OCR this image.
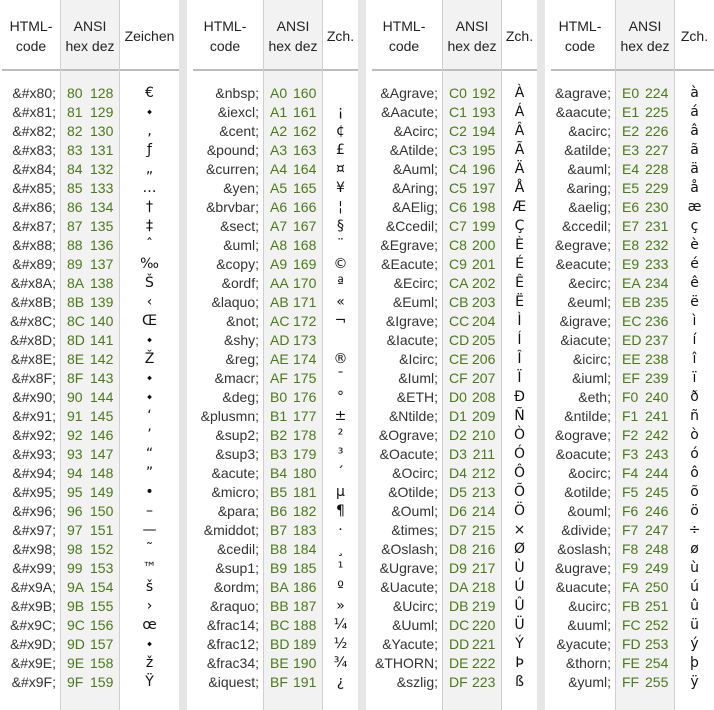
HTML-
code
&#x80;
&#x81;
&#x82;
&#x83;
&#x84;
&#x85;
&#x86;
&#x87;
&#x88;
&#x89;
&#x8A;
&#x8B;
&#x8C;
&#x8D;
&#x8E;
&#x8F;
&#x90;
&#x91;
&#x92;
&#x93;
&#x94;
&#x95;
&#x96;
&#x97;
&#x98;
&#x99;
&#x9A;
&#x9B;
&#x9C;
&#x9D;
&#x9E;
&#x9F;
ANSI
hex dez
80 128
81 129
82 130
83 131
84 132
85 133
86 134
87 135
88 136
89 137
8A 138
8B 139
8C 140
8D 141
8E 142
8F 143
90 144
91 145
92 146
93 147
94 148
95 149
96 150
97 151
98 152
99 153
9A 154
9B 155
9C 156
9D 157
9E 158
9F 159
Zeichen
€
⬩
‚
ƒ
„
…
†
‡
ˆ
‰
Š
‹
Œ
⬩
Ž
⬩
⬩
‘
’
“
”
•
–
—
˜
™
š
›
œ
⬩
ž
Ÿ
HTML-
code
&nbsp;
&iexcl;
&cent;
&pound;
&curren;
&yen;
&brvbar;
&sect;
&uml;
&copy;
&ordf;
&laquo;
&not;
&shy;
&reg;
&macr;
&deg;
&plusmn;
&sup2;
&sup3;
&acute;
&micro;
&para;
&middot;
&cedil;
&sup1;
&ordm;
&raquo;
&frac14;
&frac12;
&frac34;
&iquest;
ANSI
hex dez
A0 160
A1 161
A2 162
A3 163
A4 164
A5 165
A6 166
A7 167
A8 168
A9 169
AA 170
AB 171
AC 172
AD 173
AE 174
AF 175
B0 176
B1 177
B2 178
B3 179
B4 180
B5 181
B6 182
B7 183
B8 184
B9 185
BA 186
BB 187
BC 188
BD 189
BE 190
BF 191
Zch.
¡
¢
£
¤
¥
¦
§
¨
©
ª
«
¬
®
¯
°
±
²
³
´
µ
¶
·
¸
¹
º
»
¼
½
¾
¿
HTML-
code
&Agrave;
&Aacute;
&Acirc;
&Atilde;
&Auml;
&Aring;
&AElig;
&Ccedil;
&Egrave;
&Eacute;
&Ecirc;
&Euml;
&Igrave;
&Iacute;
&Icirc;
&Iuml;
&ETH;
&Ntilde;
&Ograve;
&Oacute;
&Ocirc;
&Otilde;
&Ouml;
&times;
&Oslash;
&Ugrave;
&Uacute;
&Ucirc;
&Uuml;
&Yacute;
&THORN;
&szlig;
ANSI
hex dez
C0 192
C1 193
C2 194
C3 195
C4 196
C5 197
C6 198
C7 199
C8 200
C9 201
CA 202
CB 203
CC 204
CD 205
CE 206
CF 207
D0 208
D1 209
D2 210
D3 211
D4 212
D5 213
D6 214
D7 215
D8 216
D9 217
DA 218
DB 219
DC 220
DD 221
DE 222
DF 223
Zch.
À
Á
Â
Ã
Ä
Å
Æ
Ç
È
É
Ê
Ë
Ì
Í
Î
Ï
Ð
Ñ
Ò
Ó
Ô
Õ
Ö
×
Ø
Ù
Ú
Û
Ü
Ý
Þ
ß
HTML-
code
&agrave;
&aacute;
&acirc;
&atilde;
&auml;
&aring;
&aelig;
&ccedil;
&egrave;
&eacute;
&ecirc;
&euml;
&igrave;
&iacute;
&icirc;
&iuml;
&eth;
&ntilde;
&ograve;
&oacute;
&ocirc;
&otilde;
&ouml;
&divide;
&oslash;
&ugrave;
&uacute;
&ucirc;
&uuml;
&yacute;
&thorn;
&yuml;
ANSI
hex dez
E0 224
E1 225
E2 226
E3 227
E4 228
E5 229
E6 230
E7 231
E8 232
E9 233
EA 234
EB 235
EC 236
ED 237
EE 238
EF 239
F0 240
F1 241
F2 242
F3 243
F4 244
F5 245
F6 246
F7 247
F8 248
F9 249
FA 250
FB 251
FC 252
FD 253
FE 254
FF 255
Zch.
à
á
â
ã
ä
å
æ
ç
è
é
ê
ë
ì
í
î
ï
ð
ñ
ò
ó
ô
õ
ö
÷
ø
ù
ú
û
ü
ý
þ
ÿ
